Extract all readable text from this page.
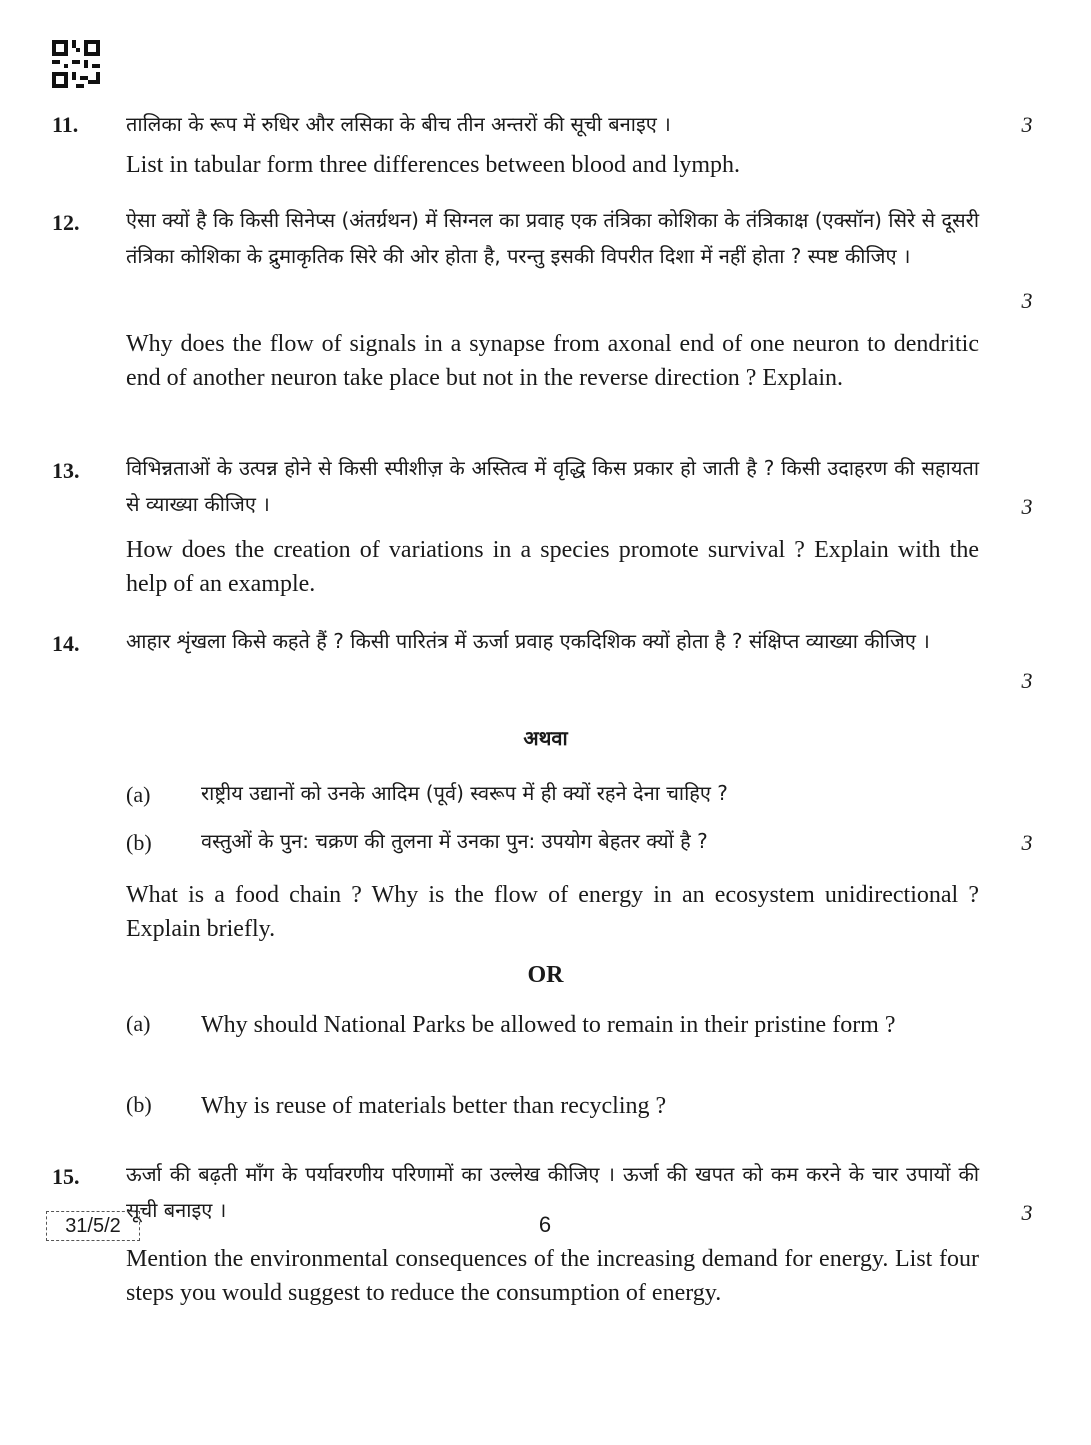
11. तालिका के रूप में रुधिर और लसिका के बीच तीन अन्तरों की सूची बनाइए ।	3
List in tabular form three differences between blood and lymph.
12. ऐसा क्यों है कि किसी सिनेप्स (अंतर्ग्रथन) में सिग्नल का प्रवाह एक तंत्रिका कोशिका के तंत्रिकाक्ष (एक्सॉन) सिरे से दूसरी तंत्रिका कोशिका के द्रुमाकृतिक सिरे की ओर होता है, परन्तु इसकी विपरीत दिशा में नहीं होता ? स्पष्ट कीजिए ।
3
Why does the flow of signals in a synapse from axonal end of one neuron to dendritic end of another neuron take place but not in the reverse direction ? Explain.
13. विभिन्नताओं के उत्पन्न होने से किसी स्पीशीज़ के अस्तित्व में वृद्धि किस प्रकार हो जाती है ? किसी उदाहरण की सहायता से व्याख्या कीजिए ।	3
How does the creation of variations in a species promote survival ? Explain with the help of an example.
14. आहार शृंखला किसे कहते हैं ? किसी पारितंत्र में ऊर्जा प्रवाह एकदिशिक क्यों होता है ? संक्षिप्त व्याख्या कीजिए ।
3
अथवा
(a)	राष्ट्रीय उद्यानों को उनके आदिम (पूर्व) स्वरूप में ही क्यों रहने देना चाहिए ?
(b) वस्तुओं के पुन: चक्रण की तुलना में उनका पुन: उपयोग बेहतर क्यों है ?	3
What is a food chain ? Why is the flow of energy in an ecosystem unidirectional ? Explain briefly.
OR
(a) Why should National Parks be allowed to remain in their pristine form ?
(b) Why is reuse of materials better than recycling ?
15. ऊर्जा की बढ़ती माँग के पर्यावरणीय परिणामों का उल्लेख कीजिए । ऊर्जा की खपत को कम करने के चार उपायों की सूची बनाइए ।	3
Mention the environmental consequences of the increasing demand for energy. List four steps you would suggest to reduce the consumption of energy.
31/5/2	6
